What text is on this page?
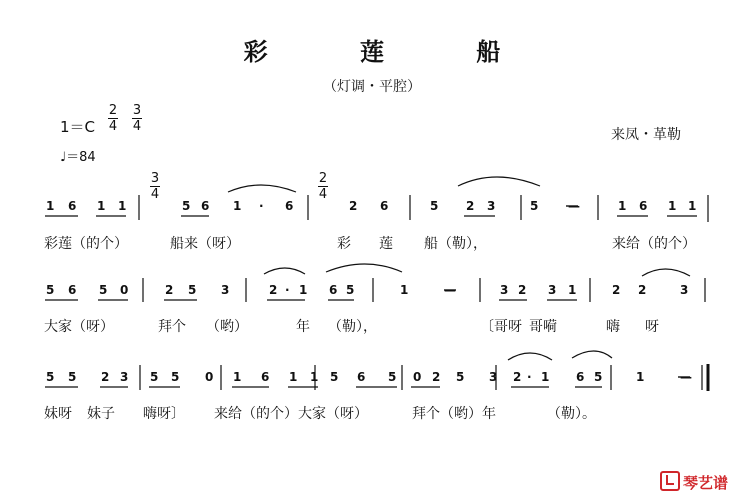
彩 莲 船
（灯调・平腔）
1＝C
2
4
3
4
♩＝84
来凤・革勒
3
4
2
4
1 6 1 1	5 6 1 · 6	2 6	5 2 3	5 —	1 6 1 1
5 6 5 0	2 5 3	2 · 1 6 5	1	—	3 2 3 1	2 2	3
5 5 2 3 5 5 0 1 6 1 1 5 6 5 0 2 5 3 2 · 1 6 5	1	—
彩莲（的个）	船来（呀）	彩 莲 船（勒），	来给（的个）
大家（呀）	拜个 （哟）	年 （勒），	〔哥呀 哥嗬	嗨 呀
妹呀 妹子 嗨呀〕 来给（的个）大家（呀）	拜个（哟）年	（勒）。
琴艺谱
